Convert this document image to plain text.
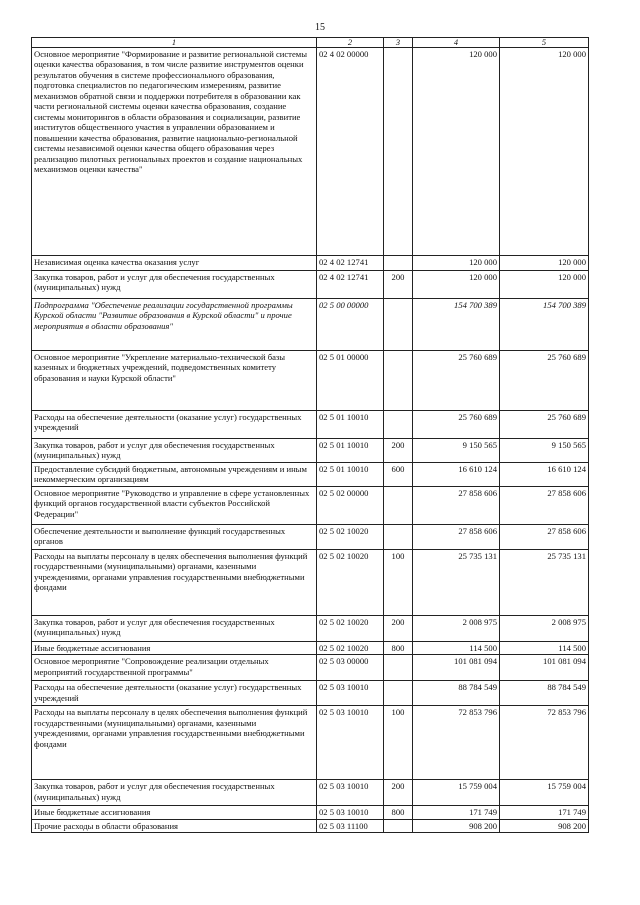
15
1	2	3	4	5
Основное мероприятие "Формирование и развитие региональной системы оценки качества образования, в том числе развитие инструментов оценки результатов обучения в системе профессионального образования, подготовка специалистов по педагогическим измерениям, развитие механизмов обратной связи и поддержки потребителя в образовании как части региональной системы оценки качества образования, создание системы мониторингов в области образования и социализации, развитие институтов общественного участия в управлении образованием и повышении качества образования, развитие национально-региональной системы независимой оценки качества общего образования через реализацию пилотных региональных проектов и создание национальных механизмов оценки качества"	02 4 02 00000		120 000	120 000
Независимая оценка качества оказания услуг	02 4 02 12741		120 000	120 000
Закупка товаров, работ и услуг для обеспечения государственных (муниципальных) нужд	02 4 02 12741	200	120 000	120 000
Подпрограмма "Обеспечение реализации государственной программы Курской области "Развитие образования в Курской области" и прочие мероприятия в области образования"	02 5 00 00000		154 700 389	154 700 389
Основное мероприятие "Укрепление материально-технической базы казенных и бюджетных учреждений, подведомственных комитету образования и науки Курской области"	02 5 01 00000		25 760 689	25 760 689
Расходы на обеспечение деятельности (оказание услуг) государственных учреждений	02 5 01 10010		25 760 689	25 760 689
Закупка товаров, работ и услуг для обеспечения государственных (муниципальных) нужд	02 5 01 10010	200	9 150 565	9 150 565
Предоставление субсидий бюджетным, автономным учреждениям и иным некоммерческим организациям	02 5 01 10010	600	16 610 124	16 610 124
Основное мероприятие "Руководство и управление в сфере установленных функций органов государственной власти субъектов Российской Федерации"	02 5 02 00000		27 858 606	27 858 606
Обеспечение деятельности и выполнение функций государственных органов	02 5 02 10020		27 858 606	27 858 606
Расходы на выплаты персоналу в целях обеспечения выполнения функций государственными (муниципальными) органами, казенными учреждениями, органами управления государственными внебюджетными фондами	02 5 02 10020	100	25 735 131	25 735 131
Закупка товаров, работ и услуг для обеспечения государственных (муниципальных) нужд	02 5 02 10020	200	2 008 975	2 008 975
Иные бюджетные ассигнования	02 5 02 10020	800	114 500	114 500
Основное мероприятие "Сопровождение реализации отдельных мероприятий государственной программы"	02 5 03 00000		101 081 094	101 081 094
Расходы на обеспечение деятельности (оказание услуг) государственных учреждений	02 5 03 10010		88 784 549	88 784 549
Расходы на выплаты персоналу в целях обеспечения выполнения функций государственными (муниципальными) органами, казенными учреждениями, органами управления государственными внебюджетными фондами	02 5 03 10010	100	72 853 796	72 853 796
Закупка товаров, работ и услуг для обеспечения государственных (муниципальных) нужд	02 5 03 10010	200	15 759 004	15 759 004
Иные бюджетные ассигнования	02 5 03 10010	800	171 749	171 749
Прочие расходы в области образования	02 5 03 11100		908 200	908 200
